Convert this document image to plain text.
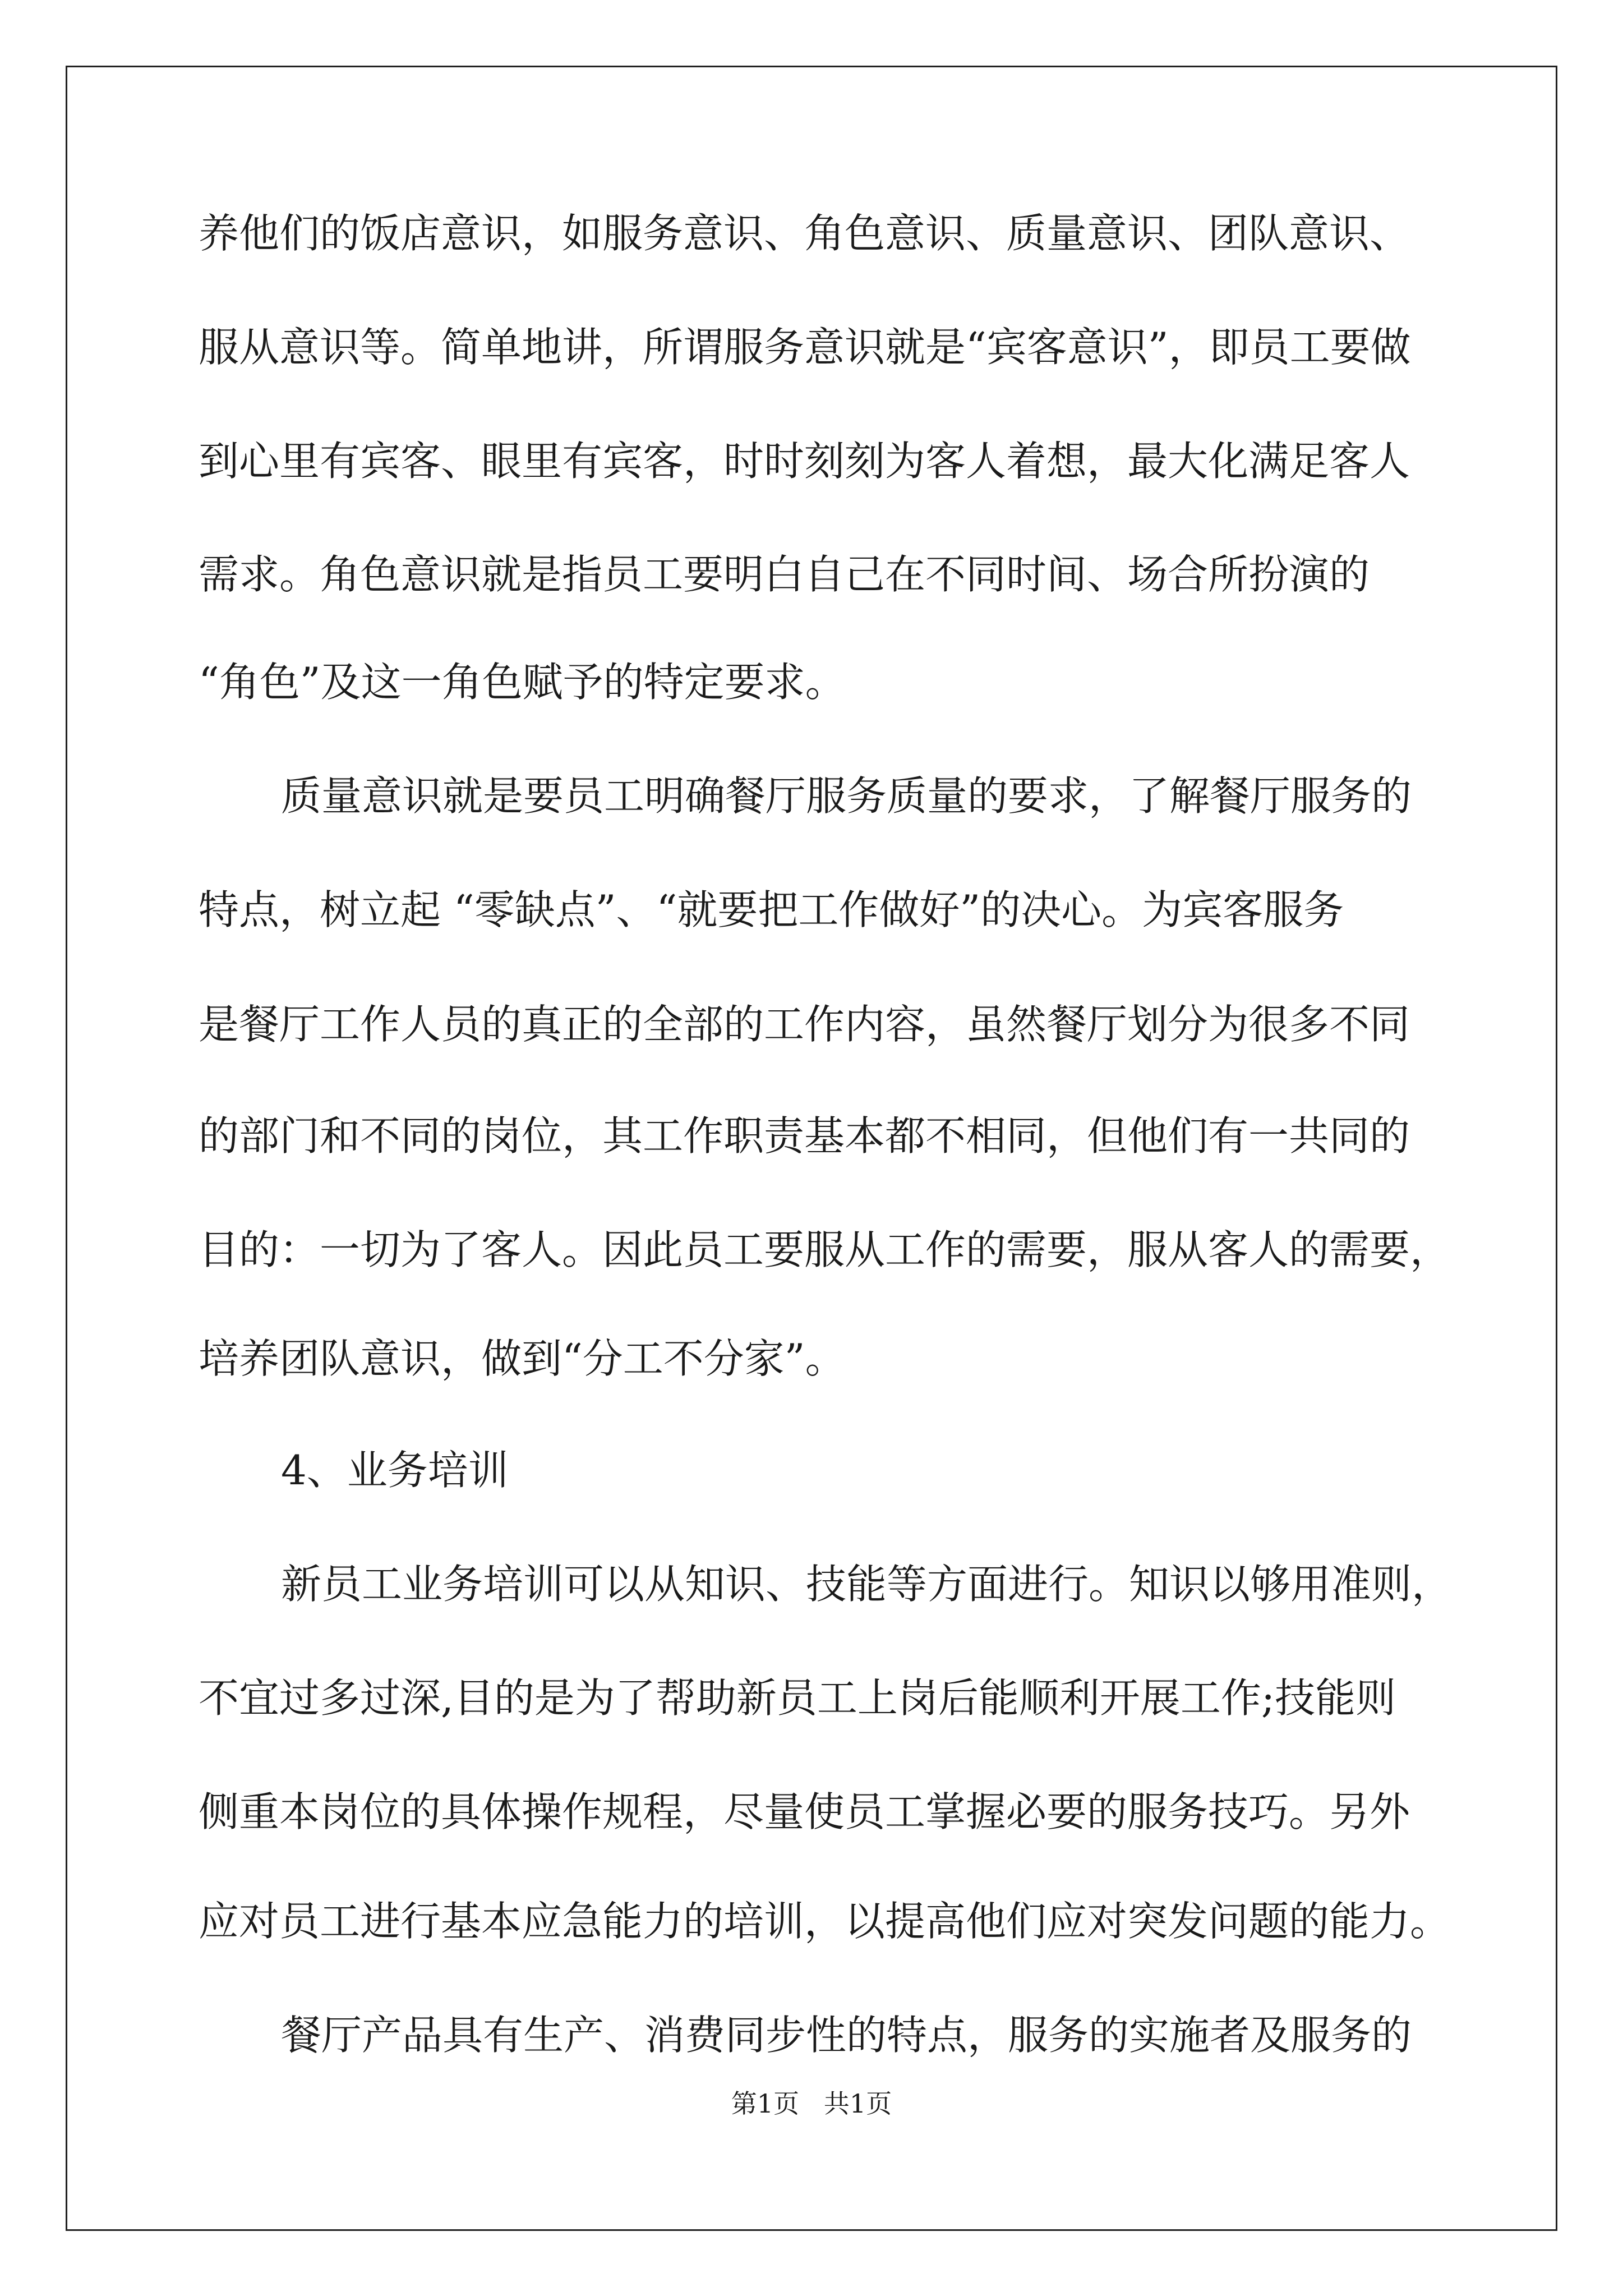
养他们的饭店意识，如服务意识、角色意识、质量意识、团队意识、
服从意识等。简单地讲，所谓服务意识就是“宾客意识”，即员工要做
到心里有宾客、眼里有宾客，时时刻刻为客人着想，最大化满足客人
需求。角色意识就是指员工要明白自己在不同时间、场合所扮演的
“角色”及这一角色赋予的特定要求。
质量意识就是要员工明确餐厅服务质量的要求，了解餐厅服务的
特点，树立起 “零缺点”、“就要把工作做好”的决心。为宾客服务
是餐厅工作人员的真正的全部的工作内容，虽然餐厅划分为很多不同
的部门和不同的岗位，其工作职责基本都不相同，但他们有一共同的
目的：一切为了客人。因此员工要服从工作的需要，服从客人的需要，
培养团队意识，做到“分工不分家”。
4、业务培训
新员工业务培训可以从知识、技能等方面进行。知识以够用准则，
不宜过多过深,目的是为了帮助新员工上岗后能顺利开展工作;技能则
侧重本岗位的具体操作规程，尽量使员工掌握必要的服务技巧。另外
应对员工进行基本应急能力的培训，以提高他们应对突发问题的能力。
餐厅产品具有生产、消费同步性的特点，服务的实施者及服务的
第1页   共1页
